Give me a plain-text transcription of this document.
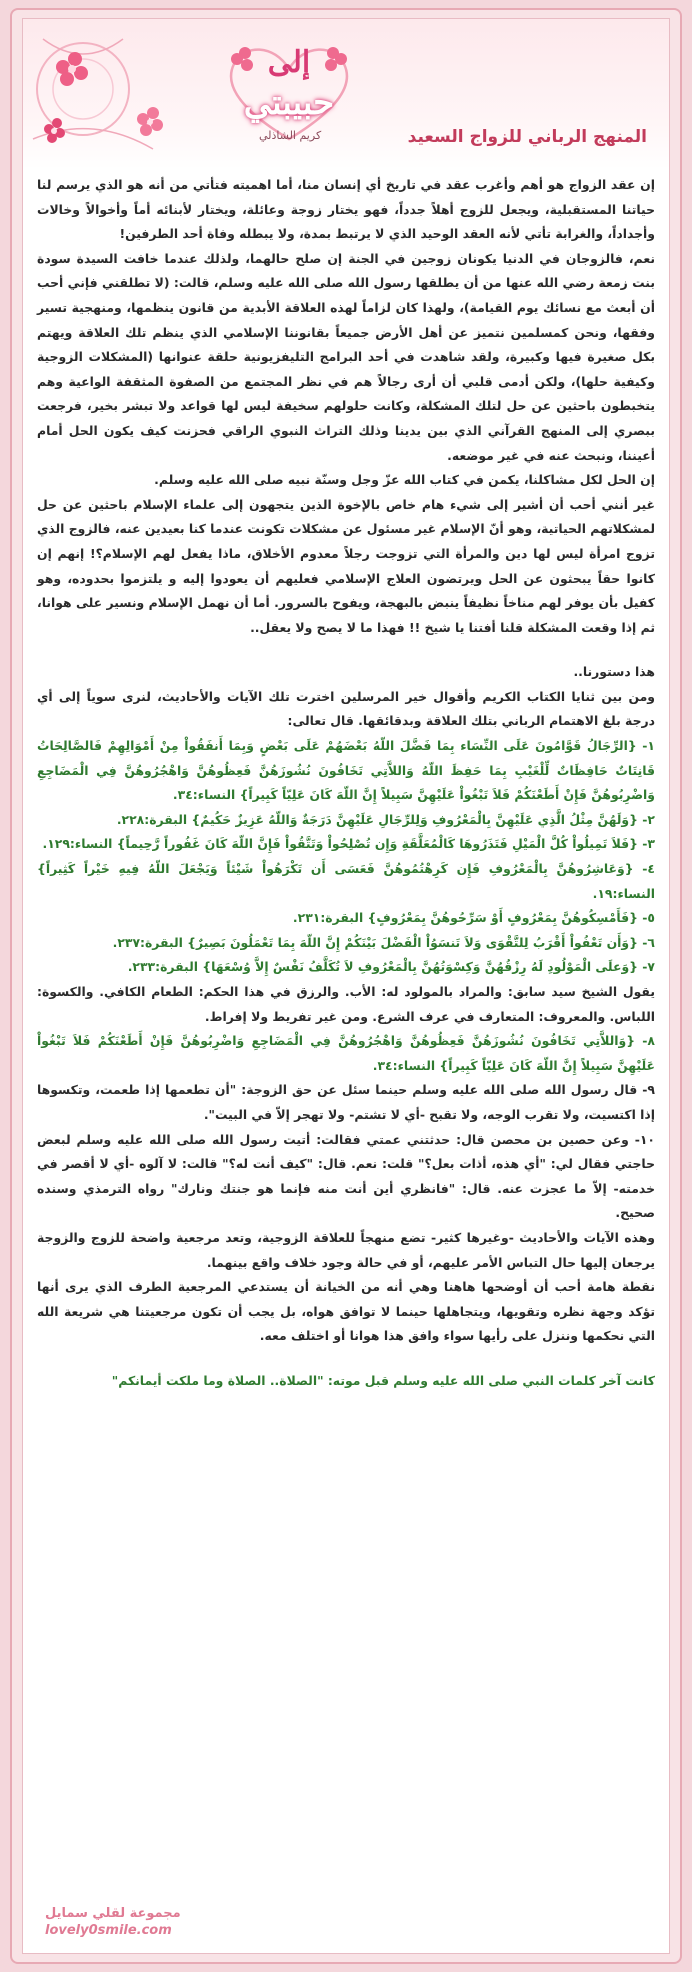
إلى
حبيبتي
كريم الشاذلي	المنهج الرباني للزواج السعيد

إن عقد الزواج هو أهم وأغرب عقد في تاريخ أي إنسان منا، أما اهميته فتأتي من أنه هو الذي يرسم لنا حياتنا المستقبلية، ويجعل للزوج أهلاً جدداً، فهو يختار زوجة وعائلة، ويختار لأبنائه أماً وأخوالاً وخالات وأجداداً، والغرابة تأتي لأنه العقد الوحيد الذي لا يرتبط بمدة، ولا يبطله وفاة أحد الطرفين!

نعم، فالزوجان في الدنيا يكونان زوجين في الجنة إن صلح حالهما، ولذلك عندما خافت السيدة سودة بنت زمعة رضي الله عنها من أن يطلقها رسول الله صلى الله عليه وسلم، قالت: (لا تطلقني فإني أحب أن أبعث مع نسائك يوم القيامة)، ولهذا كان لزاماً لهذه العلاقة الأبدية من قانون ينظمها، ومنهجية تسير وفقها، ونحن كمسلمين نتميز عن أهل الأرض جميعاً بقانوننا الإسلامي الذي ينظم تلك العلاقة ويهتم بكل صغيرة فيها وكبيرة، ولقد شاهدت في أحد البرامج التليفزيونية حلقة عنوانها (المشكلات الزوجية وكيفية حلها)، ولكن أدمى قلبي أن أرى رجالاً هم في نظر المجتمع من الصفوة المثقفة الواعية وهم يتخبطون باحثين عن حل لتلك المشكلة، وكانت حلولهم سخيفة ليس لها قواعد ولا تبشر بخير، فرجعت ببصري إلى المنهج القرآني الذي بين يدينا وذلك التراث النبوي الراقي فحزنت كيف يكون الحل أمام أعيننا، ونبحث عنه في غير موضعه.

إن الحل لكل مشاكلنا، يكمن في كتاب الله عزّ وجل وسنّة نبيه صلى الله عليه وسلم.

غير أنني أحب أن أشير إلى شيء هام خاص بالإخوة الذين يتجهون إلى علماء الإسلام باحثين عن حل لمشكلاتهم الحياتية، وهو أنّ الإسلام غير مسئول عن مشكلات تكونت عندما كنا بعيدين عنه، فالزوج الذي تزوج امرأة ليس لها دين والمرأة التي تزوجت رجلاً معدوم الأخلاق، ماذا يفعل لهم الإسلام؟! إنهم إن كانوا حقاً يبحثون عن الحل ويرتضون العلاج الإسلامي فعليهم أن يعودوا إليه و يلتزموا بحدوده، وهو كفيل بأن يوفر لهم مناخاً نظيفاً ينبض بالبهجة، ويفوح بالسرور. أما أن نهمل الإسلام ونسير على هوانا، ثم إذا وقعت المشكلة قلنا أفتنا يا شيخ !! فهذا ما لا يصح ولا يعقل..

هذا دستورنا..

ومن بين ثنايا الكتاب الكريم وأقوال خير المرسلين اخترت تلك الآيات والأحاديث، لنرى سوياً إلى أي درجة بلغ الاهتمام الرباني بتلك العلاقة وبدقائقها. قال تعالى:

١- {الرِّجَالُ قَوَّامُونَ عَلَى النِّسَاء بِمَا فَضَّلَ اللّهُ بَعْضَهُمْ عَلَى بَعْضٍ وَبِمَا أَنفَقُواْ مِنْ أَمْوَالِهِمْ فَالصَّالِحَاتُ قَانِتَاتٌ حَافِظَاتٌ لِّلْغَيْبِ بِمَا حَفِظَ اللّهُ وَاللاَّتِي تَخَافُونَ نُشُوزَهُنَّ فَعِظُوهُنَّ وَاهْجُرُوهُنَّ فِي الْمَضَاجِعِ وَاضْرِبُوهُنَّ فَإِنْ أَطَعْنَكُمْ فَلاَ تَبْغُواْ عَلَيْهِنَّ سَبِيلاً إِنَّ اللّهَ كَانَ عَلِيّاً كَبِيراً} النساء:٣٤.

٢- {وَلَهُنَّ مِثْلُ الَّذِي عَلَيْهِنَّ بِالْمَعْرُوفِ وَلِلرِّجَالِ عَلَيْهِنَّ دَرَجَةٌ وَاللّهُ عَزِيزٌ حَكُيمٌ} البقرة:٢٢٨.

٣- {فَلاَ تَمِيلُواْ كُلَّ الْمَيْلِ فَتَذَرُوهَا كَالْمُعَلَّقَةِ وَإِن تُصْلِحُواْ وَتَتَّقُواْ فَإِنَّ اللّهَ كَانَ غَفُوراً رَّحِيماً} النساء:١٢٩.

٤- {وَعَاشِرُوهُنَّ بِالْمَعْرُوفِ فَإِن كَرِهْتُمُوهُنَّ فَعَسَى أَن تَكْرَهُواْ شَيْئاً وَيَجْعَلَ اللّهُ فِيهِ خَيْراً كَثِيراً} النساء:١٩.

٥- {فَأَمْسِكُوهُنَّ بِمَعْرُوفٍ أَوْ سَرِّحُوهُنَّ بِمَعْرُوفٍ} البقرة:٢٣١.

٦- {وَأَن تَعْفُواْ أَقْرَبُ لِلتَّقْوَى وَلاَ تَنسَوُاْ الْفَضْلَ بَيْنَكُمْ إِنَّ اللّهَ بِمَا تَعْمَلُونَ بَصِيرٌ} البقرة:٢٣٧.

٧- {وَعلَى الْمَوْلُودِ لَهُ رِزْقُهُنَّ وَكِسْوَتُهُنَّ بِالْمَعْرُوفِ لاَ تُكَلَّفُ نَفْسٌ إِلاَّ وُسْعَهَا} البقرة:٢٣٣.

يقول الشيخ سيد سابق: والمراد بالمولود له: الأب. والرزق في هذا الحكم: الطعام الكافي. والكسوة: اللباس. والمعروف: المتعارف في عرف الشرع. ومن غير تفريط ولا إفراط.

٨- {وَاللاَّتِي تَخَافُونَ نُشُوزَهُنَّ فَعِظُوهُنَّ وَاهْجُرُوهُنَّ فِي الْمَضَاجِعِ وَاضْرِبُوهُنَّ فَإِنْ أَطَعْنَكُمْ فَلاَ تَبْغُواْ عَلَيْهِنَّ سَبِيلاً إِنَّ اللّهَ كَانَ عَلِيّاً كَبِيراً} النساء:٣٤.

٩- قال رسول الله صلى الله عليه وسلم حينما سئل عن حق الزوجة: "أن تطعمها إذا طعمت، وتكسوها إذا اكتسيت، ولا تقرب الوجه، ولا تقبح -أي لا تشتم- ولا تهجر إلاّ في البيت".

١٠- وعن حصين بن محصن قال: حدثتني عمتي فقالت: أتيت رسول الله صلى الله عليه وسلم لبعض حاجتي فقال لي: "أي هذه، أذات بعل؟" قلت: نعم. قال: "كيف أنت له؟" قالت: لا آلوه -أي لا أقصر في خدمته- إلاّ ما عجزت عنه. قال: "فانظري أين أنت منه فإنما هو جنتك ونارك" رواه الترمذي وسنده صحيح.

وهذه الآيات والأحاديث -وغيرها كثير- تضع منهجاً للعلاقة الزوجية، وتعد مرجعية واضحة للزوج والزوجة يرجعان إليها حال التباس الأمر عليهم، أو في حالة وجود خلاف واقع بينهما.

نقطة هامة أحب أن أوضحها هاهنا وهي أنه من الخيانة أن يستدعي المرجعية الطرف الذي يرى أنها تؤكد وجهة نظره وتقويها، ويتجاهلها حينما لا توافق هواه، بل يجب أن تكون مرجعيتنا هي شريعة الله التي نحكمها وننزل على رأيها سواء وافق هذا هوانا أو اختلف معه.

كانت آخر كلمات النبي صلى الله عليه وسلم قبل موته: "الصلاة.. الصلاة وما ملكت أيمانكم"

مجموعة لقلي سمايل
lovely0smile.com
